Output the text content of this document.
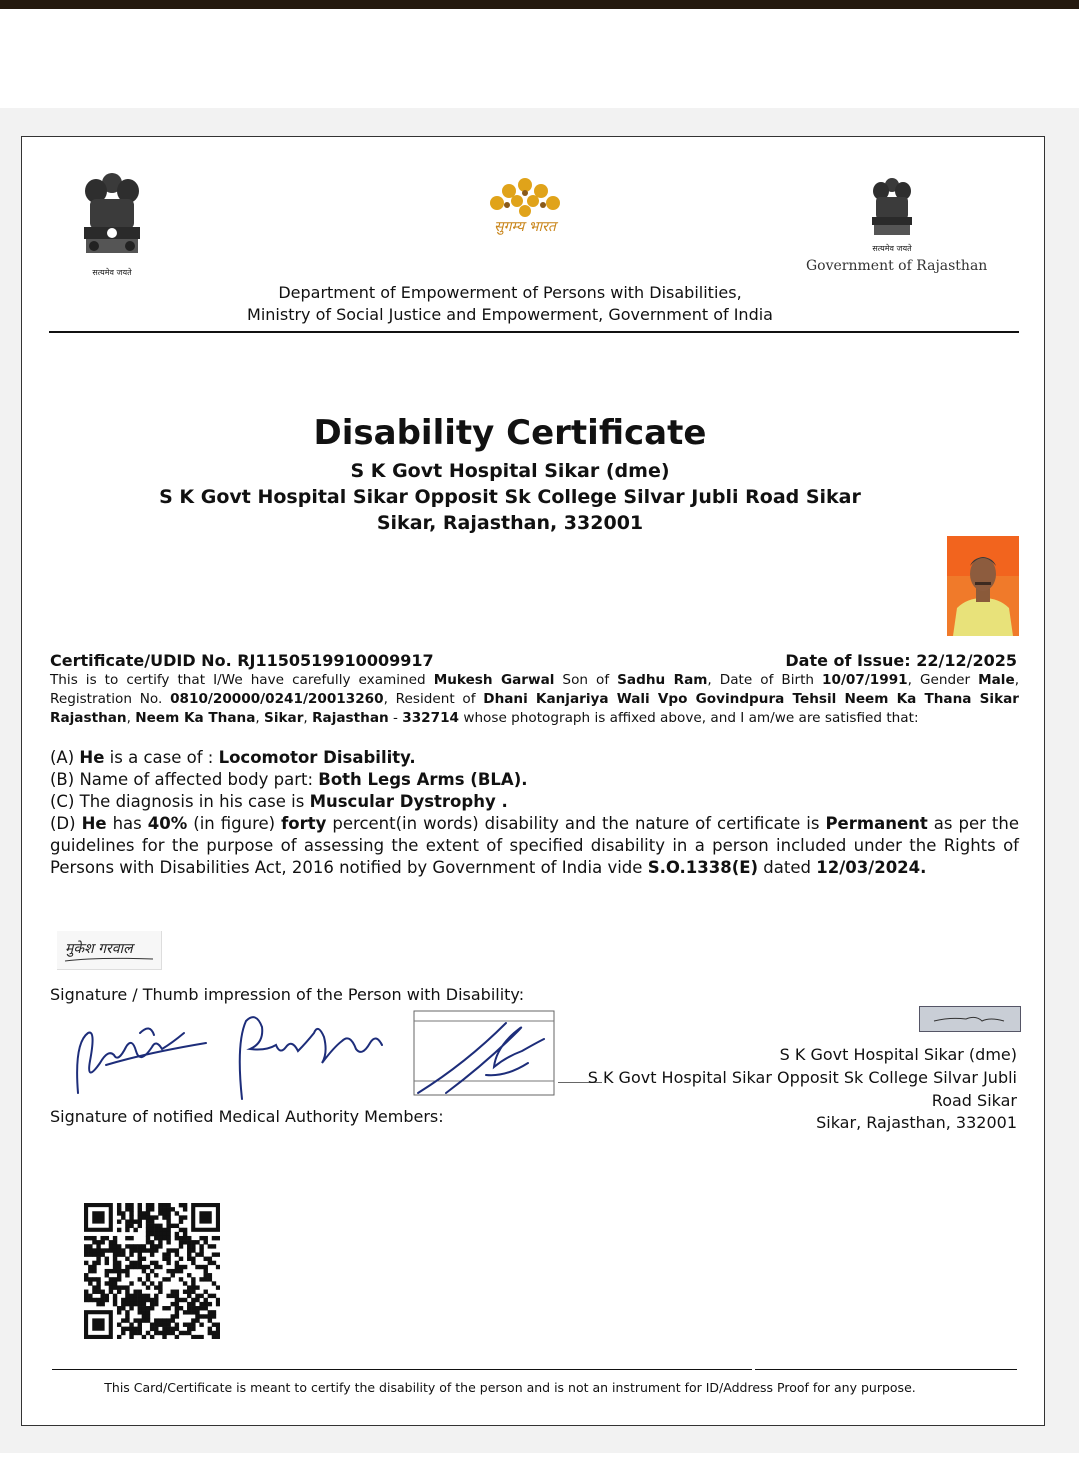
सत्यमेव जयते
सुगम्य भारत
सत्यमेव जयते
Government of Rajasthan
Department of Empowerment of Persons with Disabilities,
Ministry of Social Justice and Empowerment, Government of India
Disability Certificate
S K Govt Hospital Sikar (dme)
S K Govt Hospital Sikar Opposit Sk College Silvar Jubli Road Sikar
Sikar, Rajasthan, 332001
Certificate/UDID No. RJ1150519910009917	Date of Issue: 22/12/2025
This is to certify that I/We have carefully examined Mukesh Garwal Son of Sadhu Ram, Date of Birth 10/07/1991, Gender Male, Registration No. 0810/20000/0241/20013260, Resident of Dhani Kanjariya Wali Vpo Govindpura Tehsil Neem Ka Thana Sikar Rajasthan, Neem Ka Thana, Sikar, Rajasthan - 332714 whose photograph is affixed above, and I am/we are satisfied that:
(A) He is a case of : Locomotor Disability.
(B) Name of affected body part: Both Legs Arms (BLA).
(C) The diagnosis in his case is Muscular Dystrophy .
(D) He has 40% (in figure) forty percent(in words) disability and the nature of certificate is Permanent as per the guidelines for the purpose of assessing the extent of specified disability in a person included under the Rights of Persons with Disabilities Act, 2016 notified by Government of India vide S.O.1338(E) dated 12/03/2024.
मुकेश गरवाल
Signature / Thumb impression of the Person with Disability:
Signature of notified Medical Authority Members:
S K Govt Hospital Sikar (dme)
S K Govt Hospital Sikar Opposit Sk College Silvar Jubli
Road Sikar
Sikar, Rajasthan, 332001
This Card/Certificate is meant to certify the disability of the person and is not an instrument for ID/Address Proof for any purpose.
